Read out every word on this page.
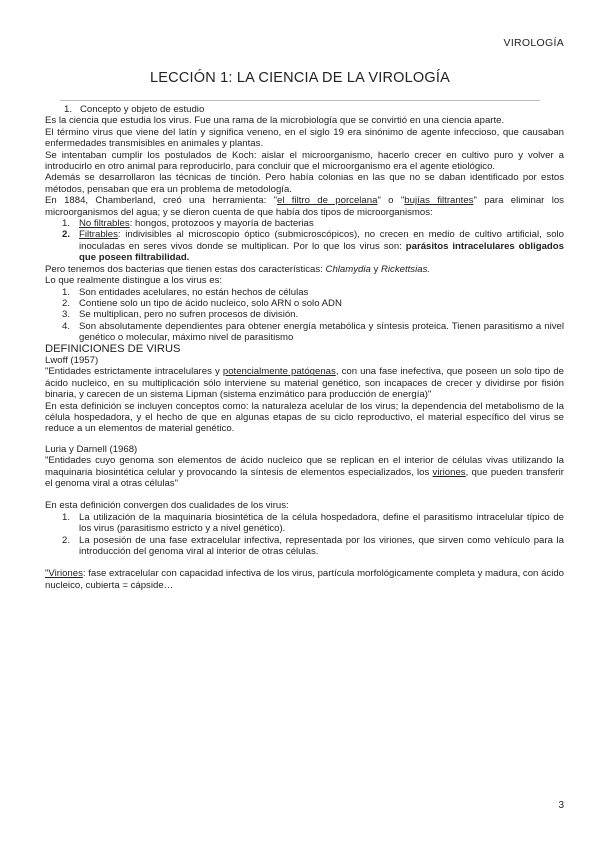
VIROLOGÍA
LECCIÓN 1: LA CIENCIA DE LA VIROLOGÍA

1. Concepto y objeto de estudio

Es la ciencia que estudia los virus. Fue una rama de la microbiología que se convirtió en una ciencia aparte.

El término virus que viene del latín y significa veneno, en el siglo 19 era sinónimo de agente infeccioso, que causaban enfermedades transmisibles en animales y plantas.

Se intentaban cumplir los postulados de Koch: aislar el microorganismo, hacerlo crecer en cultivo puro y volver a introducirlo en otro animal para reproducirlo, para concluir que el microorganismo era el agente etiológico.

Además se desarrollaron las técnicas de tinción. Pero había colonias en las que no se daban identificado por estos métodos, pensaban que era un problema de metodología.

En 1884, Chamberland, creó una herramienta: "el filtro de porcelana" o "bujías filtrantes" para eliminar los microorganismos del agua; y se dieron cuenta de que había dos tipos de microorganismos:

1. No filtrables: hongos, protozoos y mayoría de bacterias
2. Filtrables: indivisibles al microscopio óptico (submicroscópicos), no crecen en medio de cultivo artificial, solo inoculadas en seres vivos donde se multiplican. Por lo que los virus son: parásitos intracelulares obligados que poseen filtrabilidad.

Pero tenemos dos bacterias que tienen estas dos características: Chlamydia y Rickettsias.

Lo que realmente distingue a los virus es:

1. Son entidades acelulares, no están hechos de células
2. Contiene solo un tipo de ácido nucleico, solo ARN o solo ADN
3. Se multiplican, pero no sufren procesos de división.
4. Son absolutamente dependientes para obtener energía metabólica y síntesis proteica. Tienen parasitismo a nivel genético o molecular, máximo nivel de parasitismo

DEFINICIONES DE VIRUS

Lwoff (1957)

"Entidades estrictamente intracelulares y potencialmente patógenas, con una fase inefectiva, que poseen un solo tipo de ácido nucleico, en su multiplicación sólo interviene su material genético, son incapaces de crecer y dividirse por fisión binaria, y carecen de un sistema Lipman (sistema enzimático para producción de energía)"

En esta definición se incluyen conceptos como: la naturaleza acelular de los virus; la dependencia del metabolismo de la célula hospedadora, y el hecho de que en algunas etapas de su ciclo reproductivo, el material específico del virus se reduce a un elementos de material genético.

Luria y Darnell (1968)

"Entidades cuyo genoma son elementos de ácido nucleico que se replican en el interior de células vivas utilizando la maquinaria biosintética celular y provocando la síntesis de elementos especializados, los viriones, que pueden transferir el genoma viral a otras células"

En esta definición convergen dos cualidades de los virus:

1. La utilización de la maquinaria biosintética de la célula hospedadora, define el parasitismo intracelular típico de los virus (parasitismo estricto y a nivel genético).
2. La posesión de una fase extracelular infectiva, representada por los viriones, que sirven como vehículo para la introducción del genoma viral al interior de otras células.

"Viriones: fase extracelular con capacidad infectiva de los virus, partícula morfológicamente completa y madura, con ácido nucleico, cubierta = cápside…

3
